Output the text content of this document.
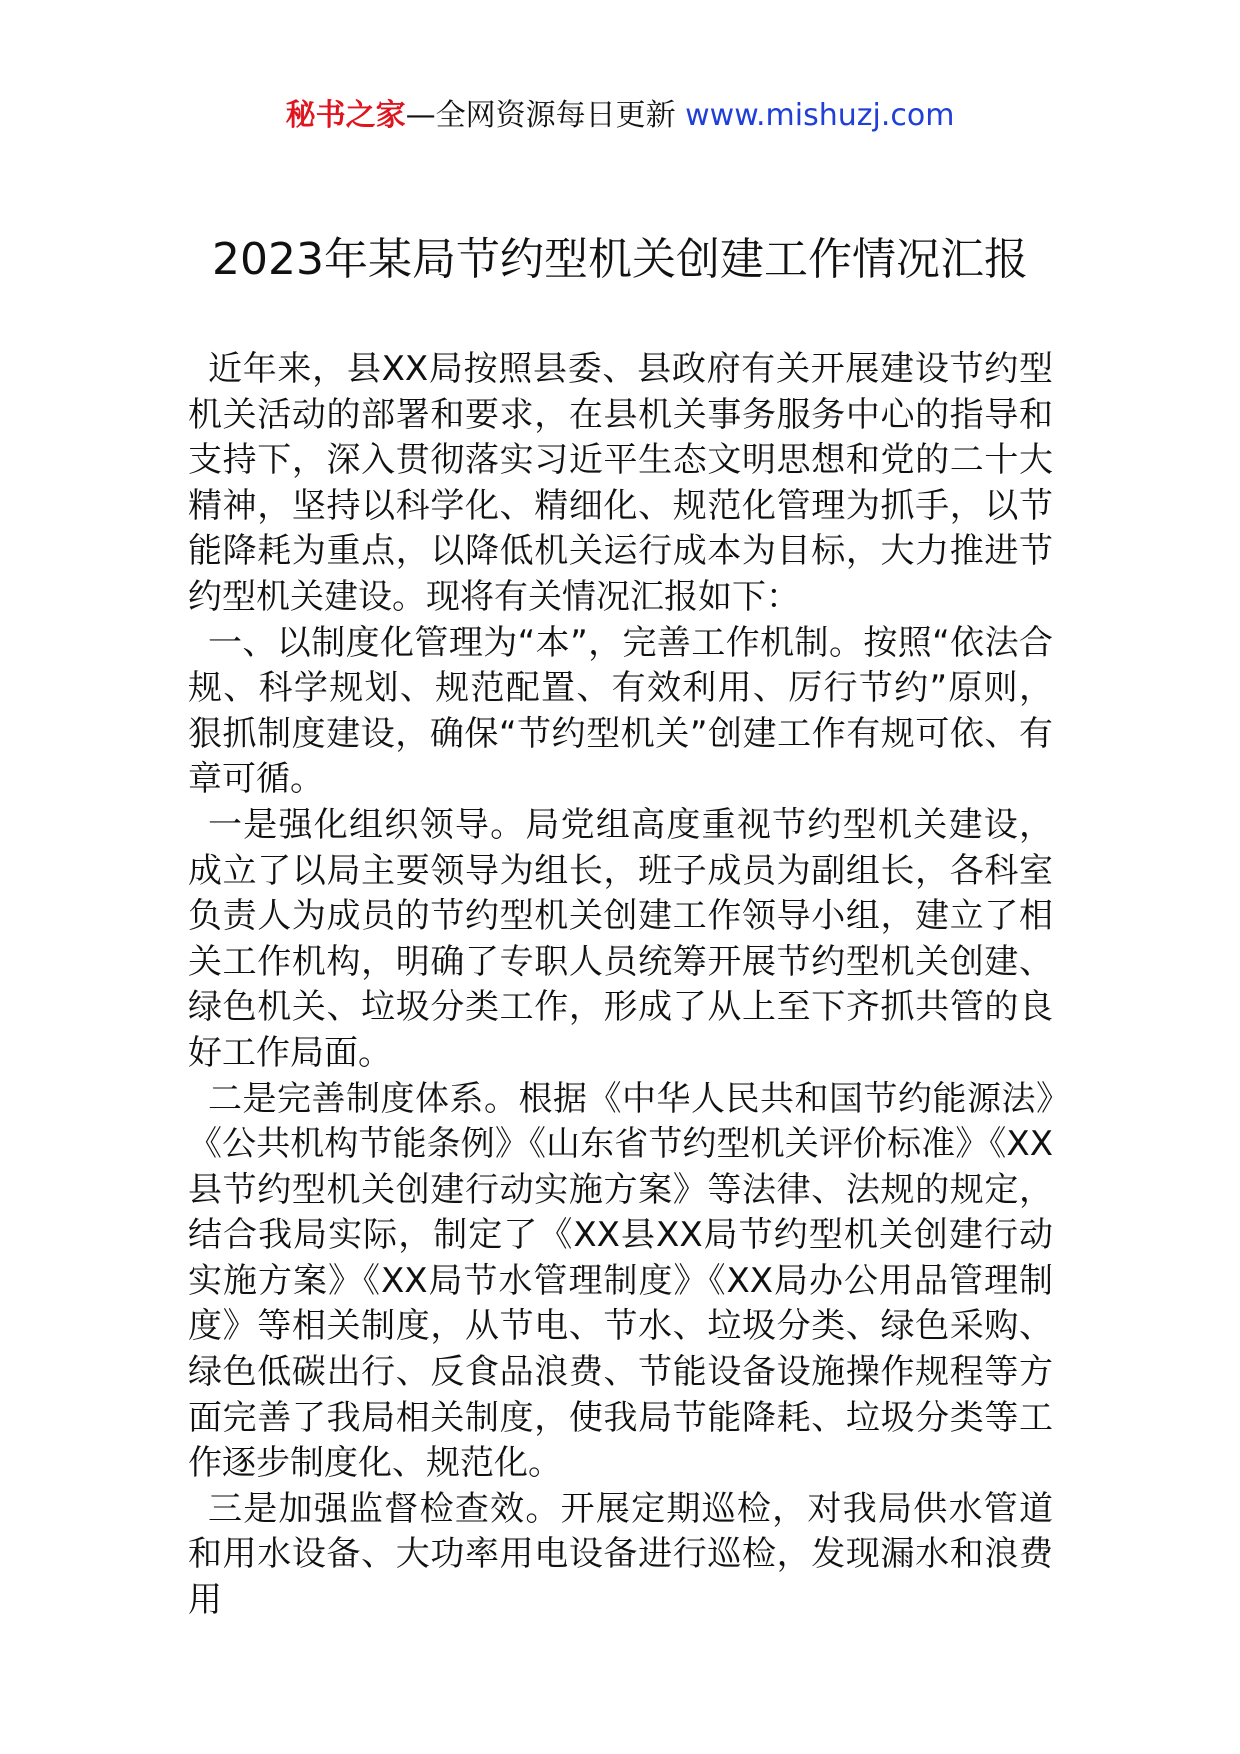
秘书之家—全网资源每日更新 www.mishuzj.com
2023年某局节约型机关创建工作情况汇报

近年来，县XX局按照县委、县政府有关开展建设节约型机关活动的部署和要求，在县机关事务服务中心的指导和支持下，深入贯彻落实习近平生态文明思想和党的二十大精神，坚持以科学化、精细化、规范化管理为抓手，以节能降耗为重点，以降低机关运行成本为目标，大力推进节约型机关建设。现将有关情况汇报如下：

一、以制度化管理为“本”，完善工作机制。按照“依法合规、科学规划、规范配置、有效利用、厉行节约”原则，狠抓制度建设，确保“节约型机关”创建工作有规可依、有章可循。

一是强化组织领导。局党组高度重视节约型机关建设，成立了以局主要领导为组长，班子成员为副组长，各科室负责人为成员的节约型机关创建工作领导小组，建立了相关工作机构，明确了专职人员统筹开展节约型机关创建、绿色机关、垃圾分类工作，形成了从上至下齐抓共管的良好工作局面。

二是完善制度体系。根据《中华人民共和国节约能源法》《公共机构节能条例》《山东省节约型机关评价标准》《XX县节约型机关创建行动实施方案》等法律、法规的规定，结合我局实际，制定了《XX县XX局节约型机关创建行动实施方案》《XX局节水管理制度》《XX局办公用品管理制度》等相关制度，从节电、节水、垃圾分类、绿色采购、绿色低碳出行、反食品浪费、节能设备设施操作规程等方面完善了我局相关制度，使我局节能降耗、垃圾分类等工作逐步制度化、规范化。

三是加强监督检查效。开展定期巡检，对我局供水管道和用水设备、大功率用电设备进行巡检，发现漏水和浪费用
